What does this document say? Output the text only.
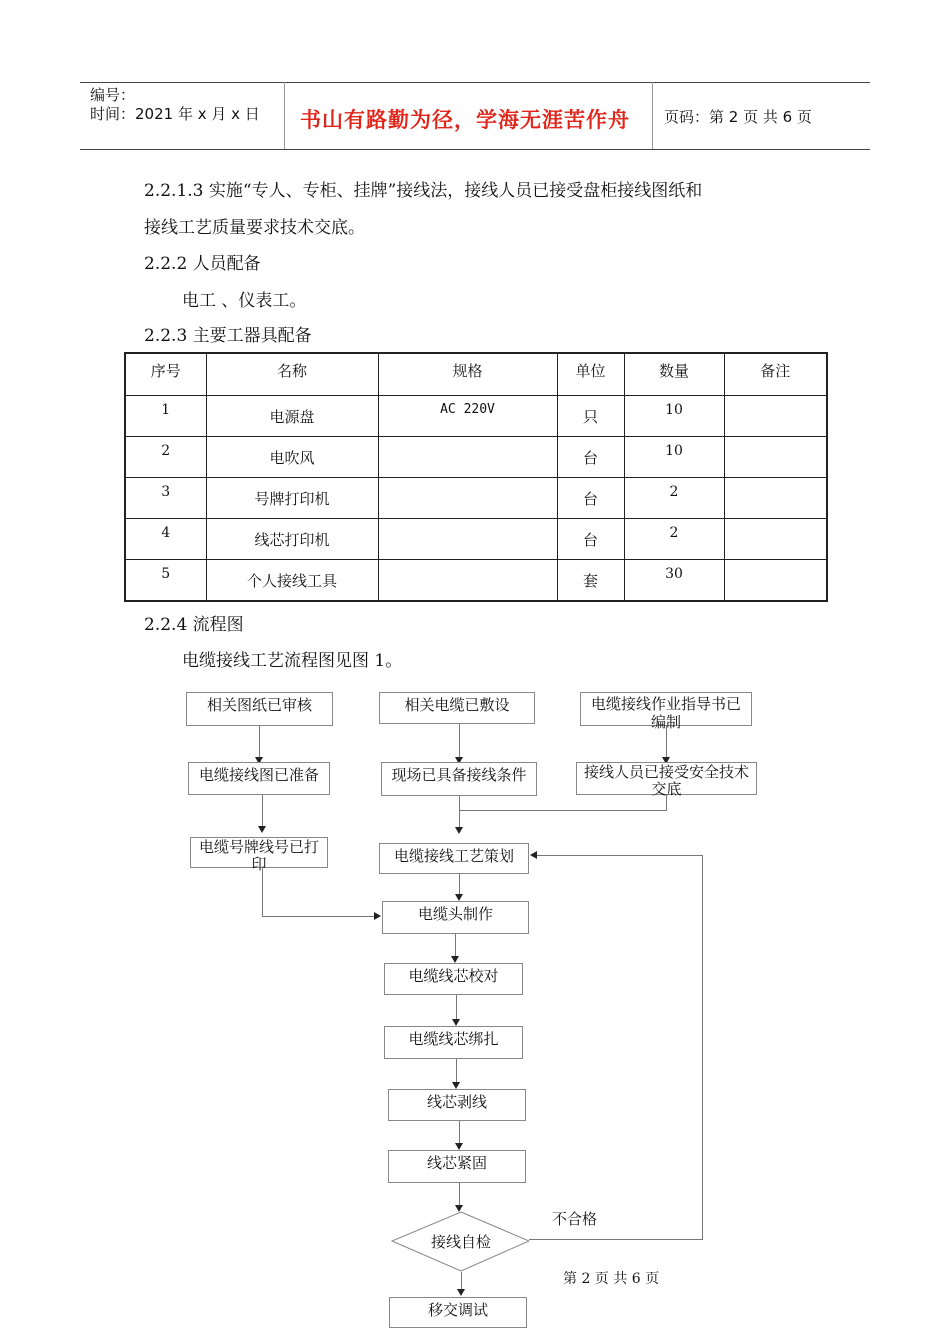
编号：
时间：2021 年 x 月 x 日 书山有路勤为径，学海无涯苦作舟 页码：第 2 页 共 6 页
2.2.1.3 实施“专人、专柜、挂牌”接线法，接线人员已接受盘柜接线图纸和
接线工艺质量要求技术交底。
2.2.2 人员配备
电工 、仪表工。
2.2.3 主要工器具配备
序号	名称	规格	单位	数量	备注
1	电源盘	AC 220V	只	10	
2	电吹风		台	10	
3	号牌打印机		台	2	
4	线芯打印机		台	2	
5	个人接线工具		套	30	
2.2.4 流程图
电缆接线工艺流程图见图 1。
相关图纸已审核	相关电缆已敷设	电缆接线作业指导书已编制
电缆接线图已准备	现场已具备接线条件	接线人员已接受安全技术交底
电缆号牌线号已打印	电缆接线工艺策划
电缆头制作
电缆线芯校对
电缆线芯绑扎
线芯剥线
线芯紧固
接线自检
不合格
移交调试
第 2 页 共 6 页
